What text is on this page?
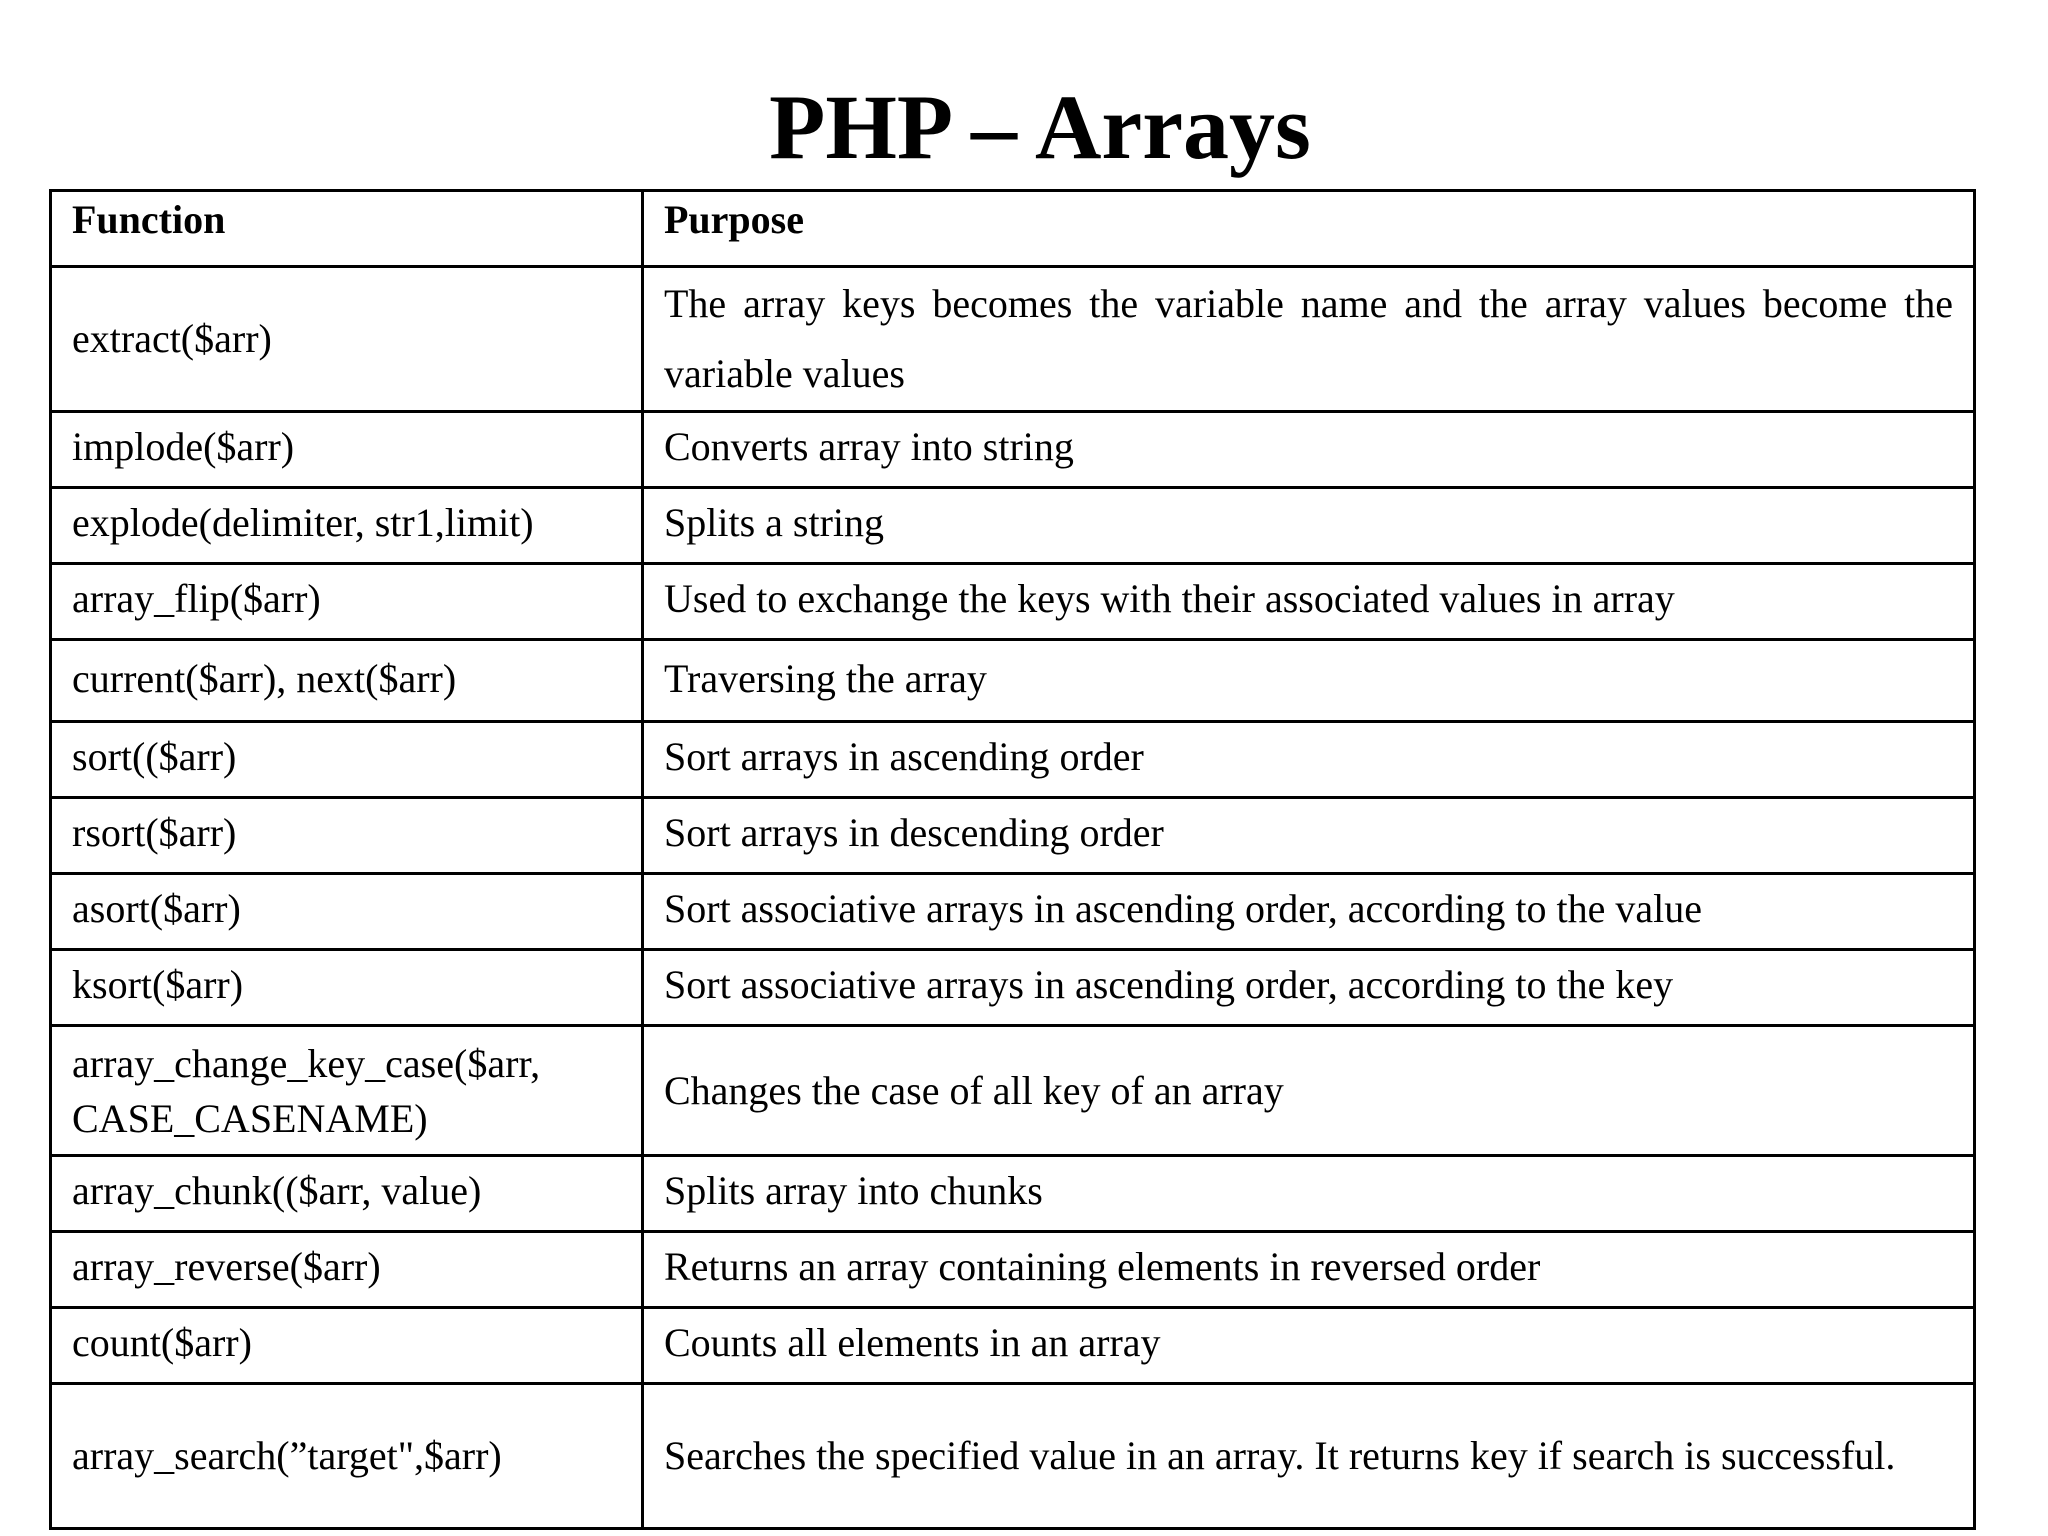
PHP – Arrays
Function	Purpose
extract($arr)	The array keys becomes the variable name and the array values become the variable values
implode($arr)	Converts array into string
explode(delimiter, str1,limit)	Splits a string
array_flip($arr)	Used to exchange the keys with their associated values in array
current($arr), next($arr)	Traversing the array
sort(($arr)	Sort arrays in ascending order
rsort($arr)	Sort arrays in descending order
asort($arr)	Sort associative arrays in ascending order, according to the value
ksort($arr)	Sort associative arrays in ascending order, according to the key
array_change_key_case($arr, CASE_CASENAME)	Changes the case of all key of an array
array_chunk(($arr, value)	Splits array into chunks
array_reverse($arr)	Returns an array containing elements in reversed order
count($arr)	Counts all elements in an array
array_search(”target",$arr)	Searches the specified value in an array. It returns key if search is successful.
